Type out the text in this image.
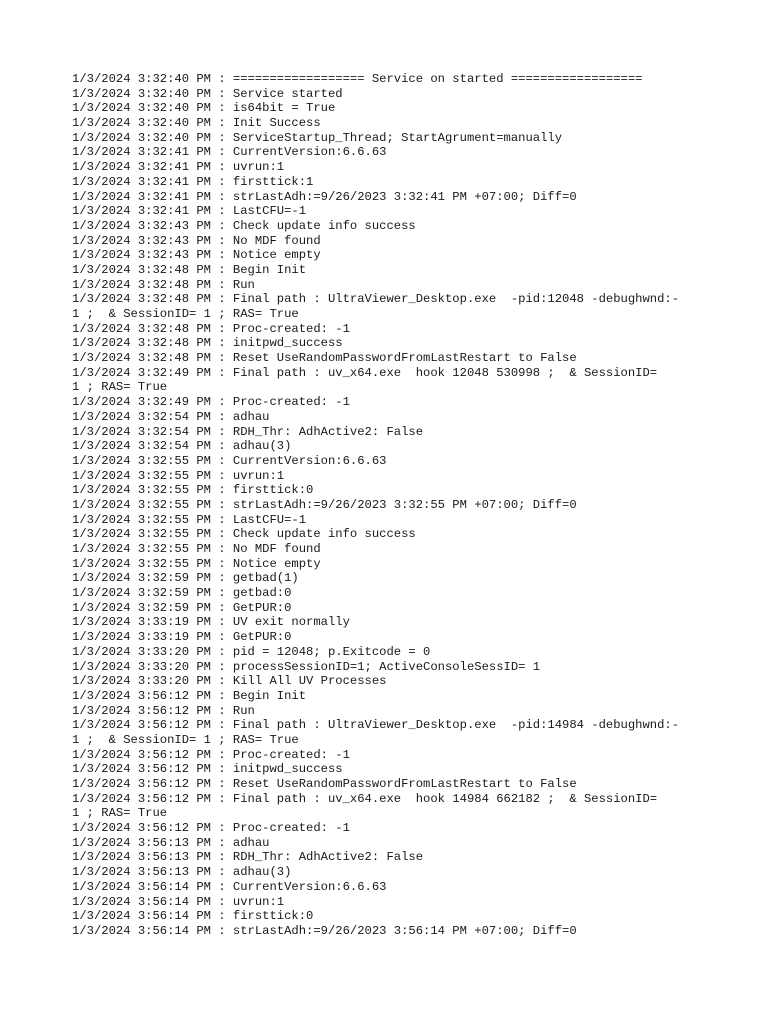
1/3/2024 3:32:40 PM : ================== Service on started ==================
1/3/2024 3:32:40 PM : Service started
1/3/2024 3:32:40 PM : is64bit = True
1/3/2024 3:32:40 PM : Init Success
1/3/2024 3:32:40 PM : ServiceStartup_Thread; StartAgrument=manually
1/3/2024 3:32:41 PM : CurrentVersion:6.6.63
1/3/2024 3:32:41 PM : uvrun:1
1/3/2024 3:32:41 PM : firsttick:1
1/3/2024 3:32:41 PM : strLastAdh:=9/26/2023 3:32:41 PM +07:00; Diff=0
1/3/2024 3:32:41 PM : LastCFU=-1
1/3/2024 3:32:43 PM : Check update info success
1/3/2024 3:32:43 PM : No MDF found
1/3/2024 3:32:43 PM : Notice empty
1/3/2024 3:32:48 PM : Begin Init
1/3/2024 3:32:48 PM : Run
1/3/2024 3:32:48 PM : Final path : UltraViewer_Desktop.exe  -pid:12048 -debughwnd:-
1 ;  & SessionID= 1 ; RAS= True
1/3/2024 3:32:48 PM : Proc-created: -1
1/3/2024 3:32:48 PM : initpwd_success
1/3/2024 3:32:48 PM : Reset UseRandomPasswordFromLastRestart to False
1/3/2024 3:32:49 PM : Final path : uv_x64.exe  hook 12048 530998 ;  & SessionID=
1 ; RAS= True
1/3/2024 3:32:49 PM : Proc-created: -1
1/3/2024 3:32:54 PM : adhau
1/3/2024 3:32:54 PM : RDH_Thr: AdhActive2: False
1/3/2024 3:32:54 PM : adhau(3)
1/3/2024 3:32:55 PM : CurrentVersion:6.6.63
1/3/2024 3:32:55 PM : uvrun:1
1/3/2024 3:32:55 PM : firsttick:0
1/3/2024 3:32:55 PM : strLastAdh:=9/26/2023 3:32:55 PM +07:00; Diff=0
1/3/2024 3:32:55 PM : LastCFU=-1
1/3/2024 3:32:55 PM : Check update info success
1/3/2024 3:32:55 PM : No MDF found
1/3/2024 3:32:55 PM : Notice empty
1/3/2024 3:32:59 PM : getbad(1)
1/3/2024 3:32:59 PM : getbad:0
1/3/2024 3:32:59 PM : GetPUR:0
1/3/2024 3:33:19 PM : UV exit normally
1/3/2024 3:33:19 PM : GetPUR:0
1/3/2024 3:33:20 PM : pid = 12048; p.Exitcode = 0
1/3/2024 3:33:20 PM : processSessionID=1; ActiveConsoleSessID= 1
1/3/2024 3:33:20 PM : Kill All UV Processes
1/3/2024 3:56:12 PM : Begin Init
1/3/2024 3:56:12 PM : Run
1/3/2024 3:56:12 PM : Final path : UltraViewer_Desktop.exe  -pid:14984 -debughwnd:-
1 ;  & SessionID= 1 ; RAS= True
1/3/2024 3:56:12 PM : Proc-created: -1
1/3/2024 3:56:12 PM : initpwd_success
1/3/2024 3:56:12 PM : Reset UseRandomPasswordFromLastRestart to False
1/3/2024 3:56:12 PM : Final path : uv_x64.exe  hook 14984 662182 ;  & SessionID=
1 ; RAS= True
1/3/2024 3:56:12 PM : Proc-created: -1
1/3/2024 3:56:13 PM : adhau
1/3/2024 3:56:13 PM : RDH_Thr: AdhActive2: False
1/3/2024 3:56:13 PM : adhau(3)
1/3/2024 3:56:14 PM : CurrentVersion:6.6.63
1/3/2024 3:56:14 PM : uvrun:1
1/3/2024 3:56:14 PM : firsttick:0
1/3/2024 3:56:14 PM : strLastAdh:=9/26/2023 3:56:14 PM +07:00; Diff=0
